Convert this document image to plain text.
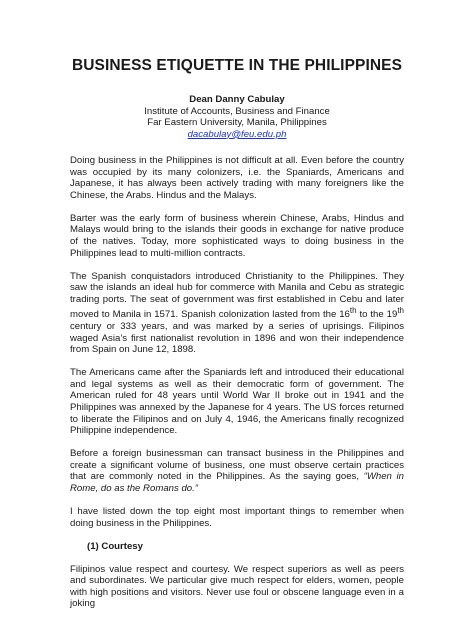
BUSINESS ETIQUETTE IN THE PHILIPPINES
Dean Danny Cabulay
Institute of Accounts, Business and Finance
Far Eastern University, Manila, Philippines
dacabulay@feu.edu.ph

Doing business in the Philippines is not difficult at all. Even before the country was occupied by its many colonizers, i.e. the Spaniards, Americans and Japanese, it has always been actively trading with many foreigners like the Chinese, the Arabs. Hindus and the Malays.

Barter was the early form of business wherein Chinese, Arabs, Hindus and Malays would bring to the islands their goods in exchange for native produce of the natives. Today, more sophisticated ways to doing business in the Philippines lead to multi-million contracts.

The Spanish conquistadors introduced Christianity to the Philippines. They saw the islands an ideal hub for commerce with Manila and Cebu as strategic trading ports. The seat of government was first established in Cebu and later moved to Manila in 1571. Spanish colonization lasted from the 16th to the 19th century or 333 years, and was marked by a series of uprisings. Filipinos waged Asia’s first nationalist revolution in 1896 and won their independence from Spain on June 12, 1898.

The Americans came after the Spaniards left and introduced their educational and legal systems as well as their democratic form of government. The American ruled for 48 years until World War II broke out in 1941 and the Philippines was annexed by the Japanese for 4 years. The US forces returned to liberate the Filipinos and on July 4, 1946, the Americans finally recognized Philippine independence.

Before a foreign businessman can transact business in the Philippines and create a significant volume of business, one must observe certain practices that are commonly noted in the Philippines. As the saying goes, “When in Rome, do as the Romans do.”

I have listed down the top eight most important things to remember when doing business in the Philippines.

(1) Courtesy

Filipinos value respect and courtesy. We respect superiors as well as peers and subordinates. We particular give much respect for elders, women, people with high positions and visitors. Never use foul or obscene language even in a joking
